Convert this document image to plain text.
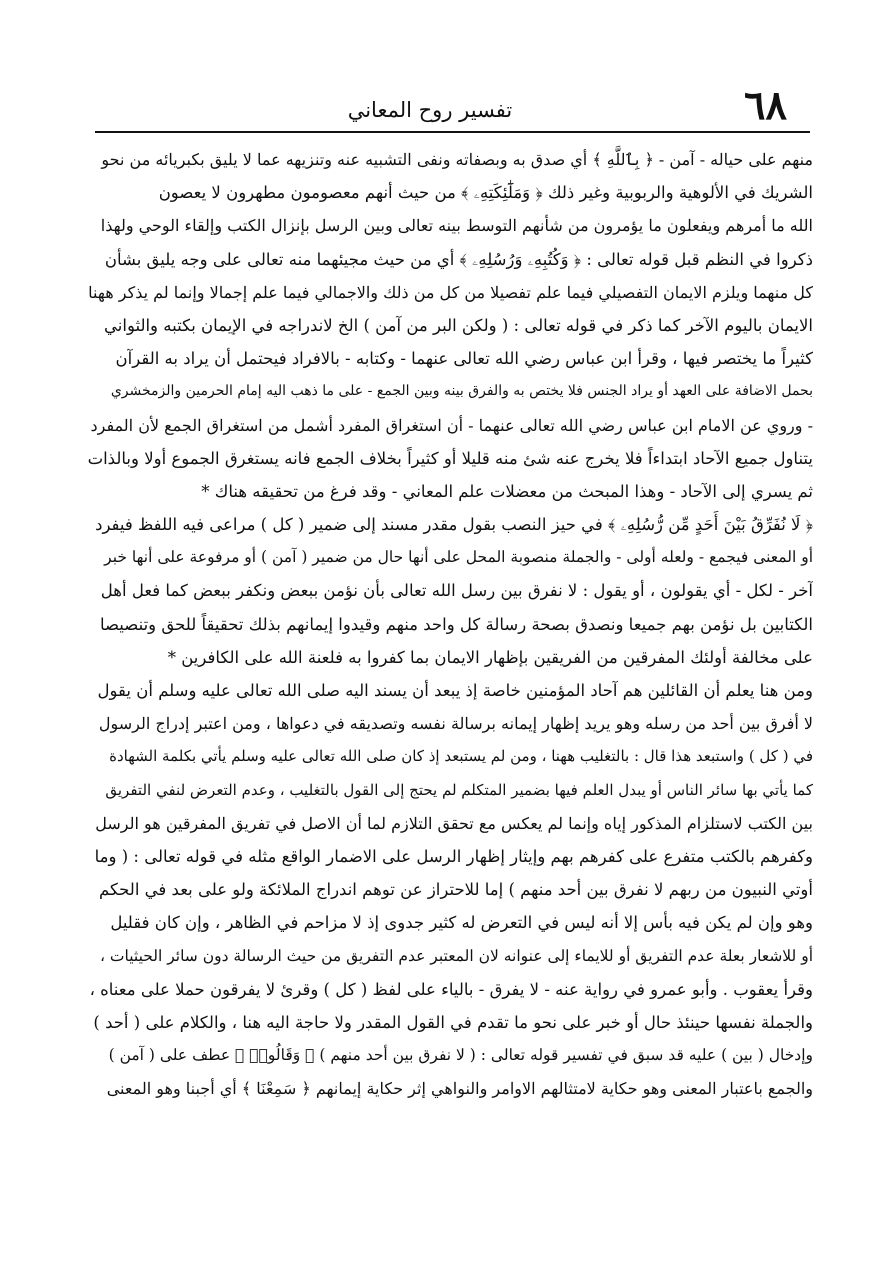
٦٨
تفسير روح المعاني
منهم على حياله - آمن - ﴿ بِٱللَّهِ ﴾ أي صدق به وبصفاته ونفى التشبيه عنه وتنزيهه عما لا يليق بكبريائه من نحو
الشريك في الألوهية والربوبية وغير ذلك ﴿ وَمَلَٰٓئِكَتِهِۦ ﴾ من حيث أنهم معصومون مطهرون لا يعصون
الله ما أمرهم ويفعلون ما يؤمرون من شأنهم التوسط بينه تعالى وبين الرسل بإنزال الكتب وإلقاء الوحي ولهذا
ذكروا في النظم قبل قوله تعالى : ﴿ وَكُتُبِهِۦ وَرُسُلِهِۦ ﴾ أي من حيث مجيئهما منه تعالى على وجه يليق بشأن
كل منهما ويلزم الايمان التفصيلي فيما علم تفصيلا من كل من ذلك والاجمالي فيما علم إجمالا وإنما لم يذكر ههنا
الايمان باليوم الآخر كما ذكر في قوله تعالى : ( ولكن البر من آمن ) الخ لاندراجه في الإيمان بكتبه والثواني
كثيراً ما يختصر فيها ، وقرأ ابن عباس رضي الله تعالى عنهما - وكتابه - بالافراد فيحتمل أن يراد به القرآن
بحمل الاضافة على العهد أو يراد الجنس فلا يختص به والفرق بينه وبين الجمع - على ما ذهب اليه إمام الحرمين والزمخشري
- وروي عن الامام ابن عباس رضي الله تعالى عنهما - أن استغراق المفرد أشمل من استغراق الجمع لأن المفرد
يتناول جميع الآحاد ابتداءاً فلا يخرج عنه شئ منه قليلا أو كثيراً بخلاف الجمع فانه يستغرق الجموع أولا وبالذات
ثم يسري إلى الآحاد - وهذا المبحث من معضلات علم المعاني - وقد فرغ من تحقيقه هناك *
﴿ لَا نُفَرِّقُ بَيْنَ أَحَدٍ مِّن رُّسُلِهِۦ ﴾ في حيز النصب بقول مقدر مسند إلى ضمير ( كل ) مراعى فيه اللفظ فيفرد
أو المعنى فيجمع - ولعله أولى - والجملة منصوبة المحل على أنها حال من ضمير ( آمن ) أو مرفوعة على أنها خبر
آخر - لكل - أي يقولون ، أو يقول : لا نفرق بين رسل الله تعالى بأن نؤمن ببعض ونكفر ببعض كما فعل أهل
الكتابين بل نؤمن بهم جميعا ونصدق بصحة رسالة كل واحد منهم وقيدوا إيمانهم بذلك تحقيقاً للحق وتنصيصا
على مخالفة أولئك المفرقين من الفريقين بإظهار الايمان بما كفروا به فلعنة الله على الكافرين *
ومن هنا يعلم أن القائلين هم آحاد المؤمنين خاصة إذ يبعد أن يسند اليه صلى الله تعالى عليه وسلم أن يقول
لا أفرق بين أحد من رسله وهو يريد إظهار إيمانه برسالة نفسه وتصديقه في دعواها ، ومن اعتبر إدراج الرسول
في ( كل ) واستبعد هذا قال : بالتغليب ههنا ، ومن لم يستبعد إذ كان صلى الله تعالى عليه وسلم يأتي بكلمة الشهادة
كما يأتي بها سائر الناس أو يبدل العلم فيها بضمير المتكلم لم يحتج إلى القول بالتغليب ، وعدم التعرض لنفي التفريق
بين الكتب لاستلزام المذكور إياه وإنما لم يعكس مع تحقق التلازم لما أن الاصل في تفريق المفرقين هو الرسل
وكفرهم بالكتب متفرع على كفرهم بهم وإيثار إظهار الرسل على الاضمار الواقع مثله في قوله تعالى : ( وما
أوتي النبيون من ربهم لا نفرق بين أحد منهم ) إما للاحتراز عن توهم اندراج الملائكة ولو على بعد في الحكم
وهو وإن لم يكن فيه بأس إلا أنه ليس في التعرض له كثير جدوى إذ لا مزاحم في الظاهر ، وإن كان فقليل
أو للاشعار بعلة عدم التفريق أو للايماء إلى عنوانه لان المعتبر عدم التفريق من حيث الرسالة دون سائر الحيثيات ،
وقرأ يعقوب . وأبو عمرو في رواية عنه - لا يفرق - بالياء على لفظ ( كل ) وقرئ لا يفرقون حملا على معناه ،
والجملة نفسها حينئذ حال أو خبر على نحو ما تقدم في القول المقدر ولا حاجة اليه هنا ، والكلام على ( أحد )
وإدخال ( بين ) عليه قد سبق في تفسير قوله تعالى : ( لا نفرق بين أحد منهم ) ﴿ وَقَالُوا۟ ﴾ عطف على ( آمن )
والجمع باعتبار المعنى وهو حكاية لامتثالهم الاوامر والنواهي إثر حكاية إيمانهم ﴿ سَمِعْنَا ﴾ أي أجبنا وهو المعنى
